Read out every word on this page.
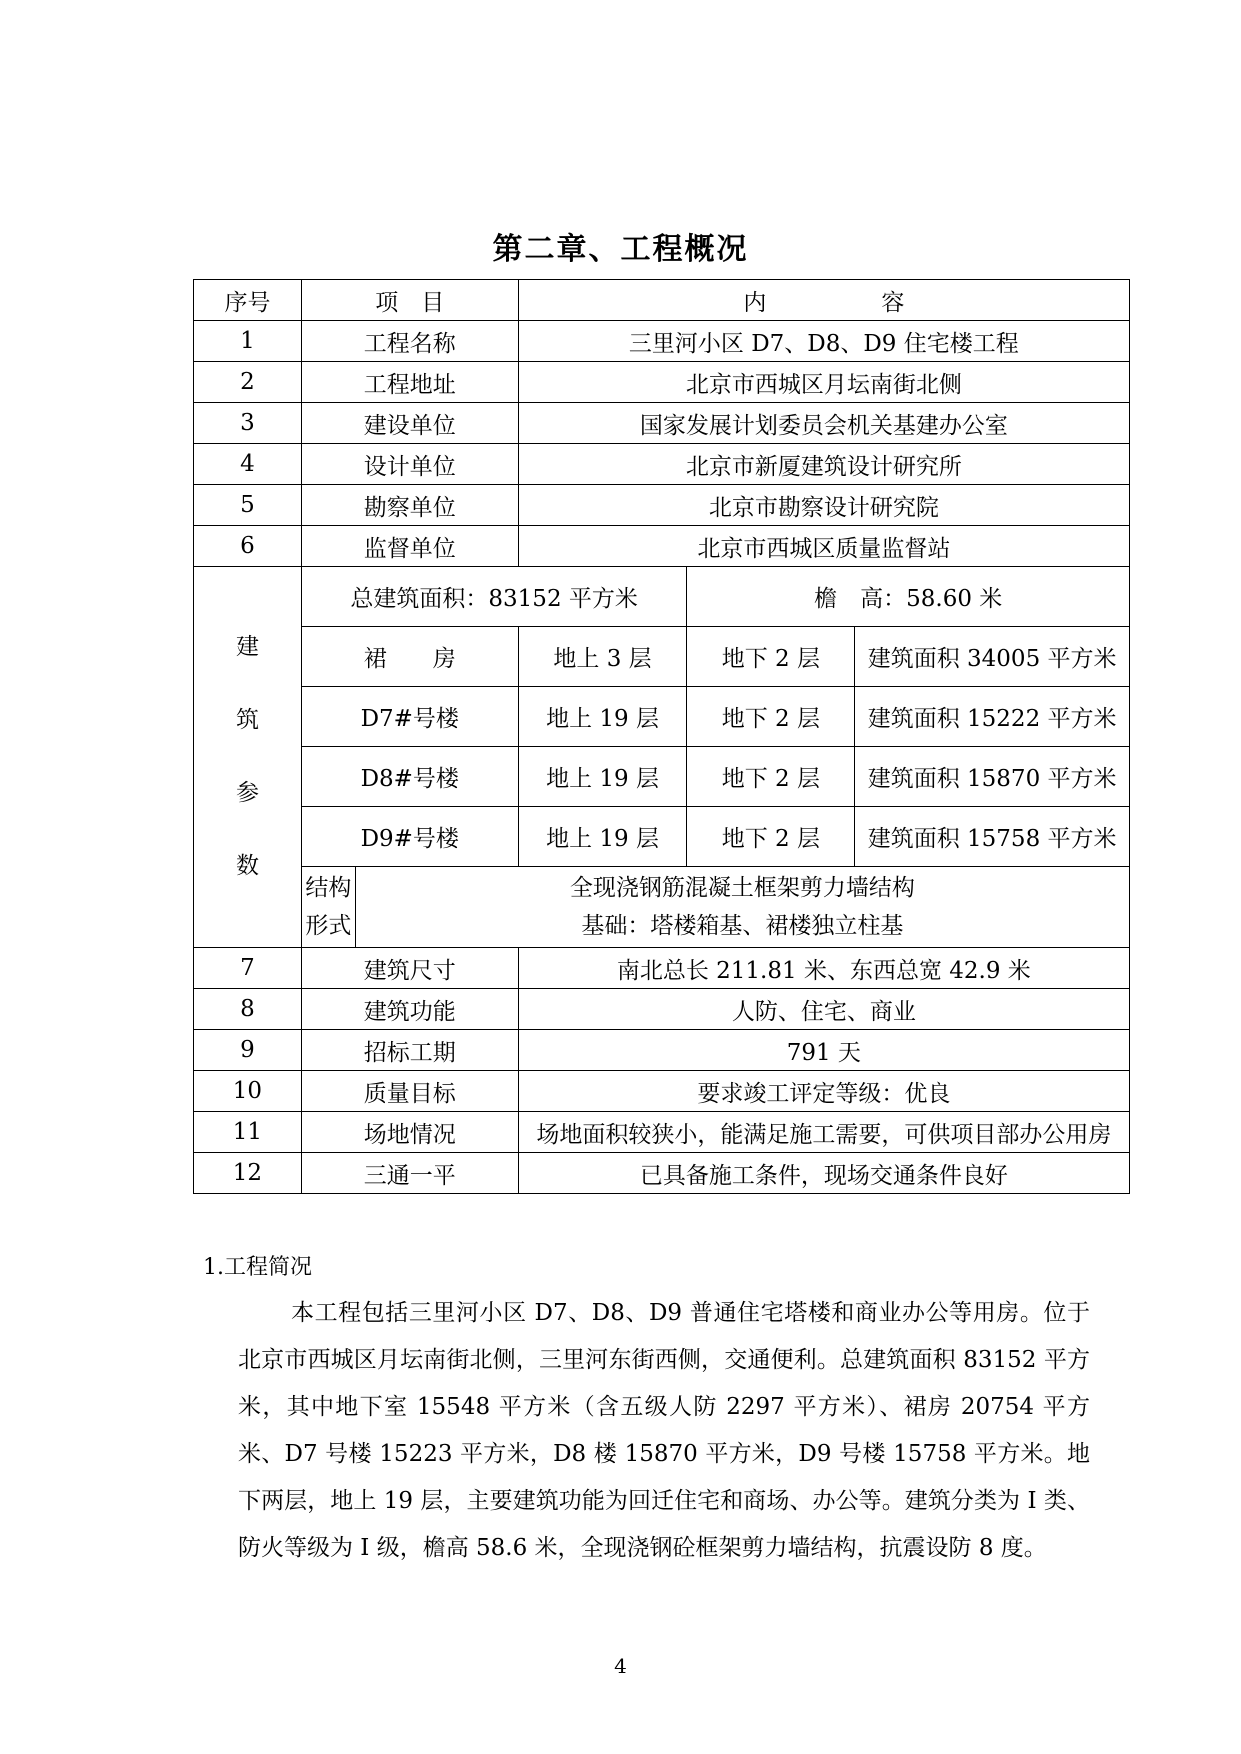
第二章、工程概况
序号	项　目		内　　　　　容		
1	工程名称		三里河小区 D7、D8、D9 住宅楼工程		
2	工程地址		北京市西城区月坛南街北侧		
3	建设单位		国家发展计划委员会机关基建办公室		
4	设计单位		北京市新厦建筑设计研究所		
5	勘察单位		北京市勘察设计研究院		
6	监督单位		北京市西城区质量监督站		
建
筑
参
数	总建筑面积：83152 平方米			檐　高：58.60 米	
	裙　　房		地上 3 层	地下 2 层	建筑面积 34005 平方米
	D7#号楼		地上 19 层	地下 2 层	建筑面积 15222 平方米
	D8#号楼		地上 19 层	地下 2 层	建筑面积 15870 平方米
	D9#号楼		地上 19 层	地下 2 层	建筑面积 15758 平方米
	结构形式	全现浇钢筋混凝土框架剪力墙结构
基础：塔楼箱基、裙楼独立柱基			
7	建筑尺寸		南北总长 211.81 米、东西总宽 42.9 米		
8	建筑功能		人防、住宅、商业		
9	招标工期		791 天		
10	质量目标		要求竣工评定等级：优良		
11	场地情况		场地面积较狭小，能满足施工需要，可供项目部办公用房		
12	三通一平		已具备施工条件，现场交通条件良好		

1.工程简况

本工程包括三里河小区 D7、D8、D9 普通住宅塔楼和商业办公等用房。位于北京市西城区月坛南街北侧，三里河东街西侧，交通便利。总建筑面积 83152 平方米，其中地下室 15548 平方米（含五级人防 2297 平方米）、裙房 20754 平方米、D7 号楼 15223 平方米，D8 楼 15870 平方米，D9 号楼 15758 平方米。地下两层，地上 19 层，主要建筑功能为回迁住宅和商场、办公等。建筑分类为 I 类、防火等级为 I 级，檐高 58.6 米，全现浇钢砼框架剪力墙结构，抗震设防 8 度。

4
